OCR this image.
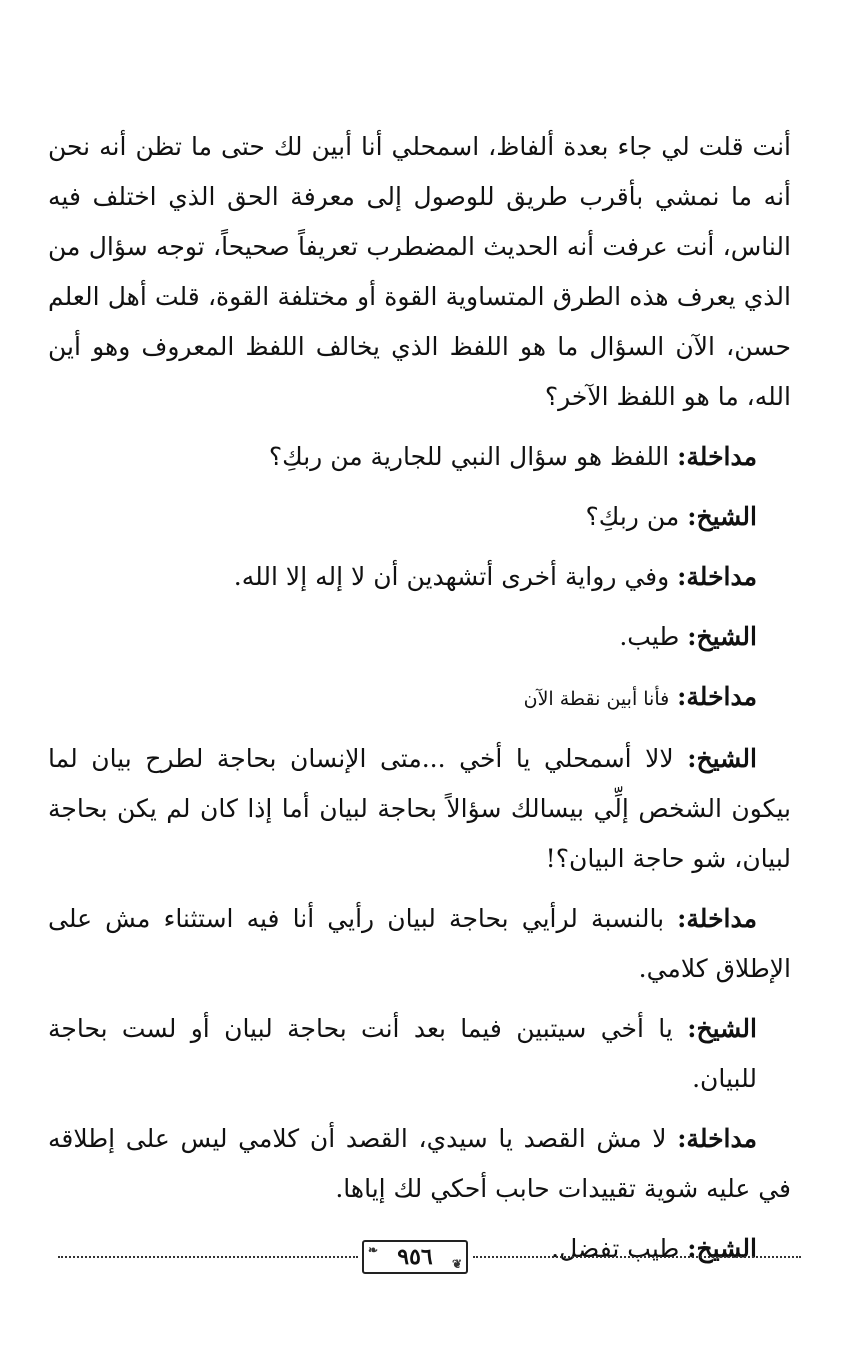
أنت قلت لي جاء بعدة ألفاظ، اسمحلي أنا أبين لك حتى ما تظن أنه نحن أنه ما نمشي بأقرب طريق للوصول إلى معرفة الحق الذي اختلف فيه الناس، أنت عرفت أنه الحديث المضطرب تعريفاً صحيحاً، توجه سؤال من الذي يعرف هذه الطرق المتساوية القوة أو مختلفة القوة، قلت أهل العلم حسن، الآن السؤال ما هو اللفظ الذي يخالف اللفظ المعروف وهو أين الله، ما هو اللفظ الآخر؟

مداخلة: اللفظ هو سؤال النبي للجارية من ربكِ؟

الشيخ: من ربكِ؟

مداخلة: وفي رواية أخرى أتشهدين أن لا إله إلا الله.

الشيخ: طيب.

مداخلة: فأنا أبين نقطة الآن

الشيخ: لالا أسمحلي يا أخي ...متى الإنسان بحاجة لطرح بيان لما بيكون الشخص إلِّي بيسالك سؤالاً بحاجة لبيان أما إذا كان لم يكن بحاجة لبيان، شو حاجة البيان؟!

مداخلة: بالنسبة لرأيي بحاجة لبيان رأيي أنا فيه استثناء مش على الإطلاق كلامي.

الشيخ: يا أخي سيتبين فيما بعد أنت بحاجة لبيان أو لست بحاجة للبيان.

مداخلة: لا مش القصد يا سيدي، القصد أن كلامي ليس على إطلاقه في عليه شوية تقييدات حابب أحكي لك إياها.

الشيخ: طيب تفضل.

❧ ٩٥٦ ❦
